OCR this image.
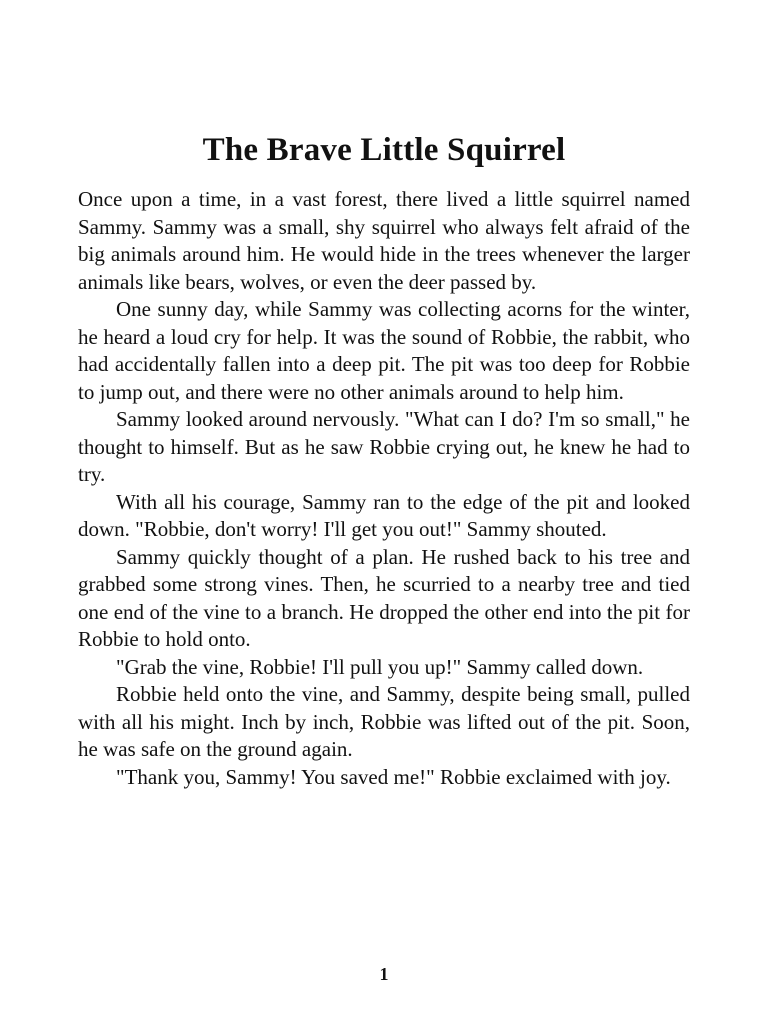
The Brave Little Squirrel

Once upon a time, in a vast forest, there lived a little squirrel named Sammy. Sammy was a small, shy squirrel who always felt afraid of the big animals around him. He would hide in the trees whenever the larger animals like bears, wolves, or even the deer passed by.

One sunny day, while Sammy was collecting acorns for the winter, he heard a loud cry for help. It was the sound of Robbie, the rabbit, who had accidentally fallen into a deep pit. The pit was too deep for Robbie to jump out, and there were no other animals around to help him.

Sammy looked around nervously. "What can I do? I'm so small," he thought to himself. But as he saw Robbie crying out, he knew he had to try.

With all his courage, Sammy ran to the edge of the pit and looked down. "Robbie, don't worry! I'll get you out!" Sammy shouted.

Sammy quickly thought of a plan. He rushed back to his tree and grabbed some strong vines. Then, he scurried to a nearby tree and tied one end of the vine to a branch. He dropped the other end into the pit for Robbie to hold onto.

"Grab the vine, Robbie! I'll pull you up!" Sammy called down.

Robbie held onto the vine, and Sammy, despite being small, pulled with all his might. Inch by inch, Robbie was lifted out of the pit. Soon, he was safe on the ground again.

"Thank you, Sammy! You saved me!" Robbie exclaimed with joy.

1
